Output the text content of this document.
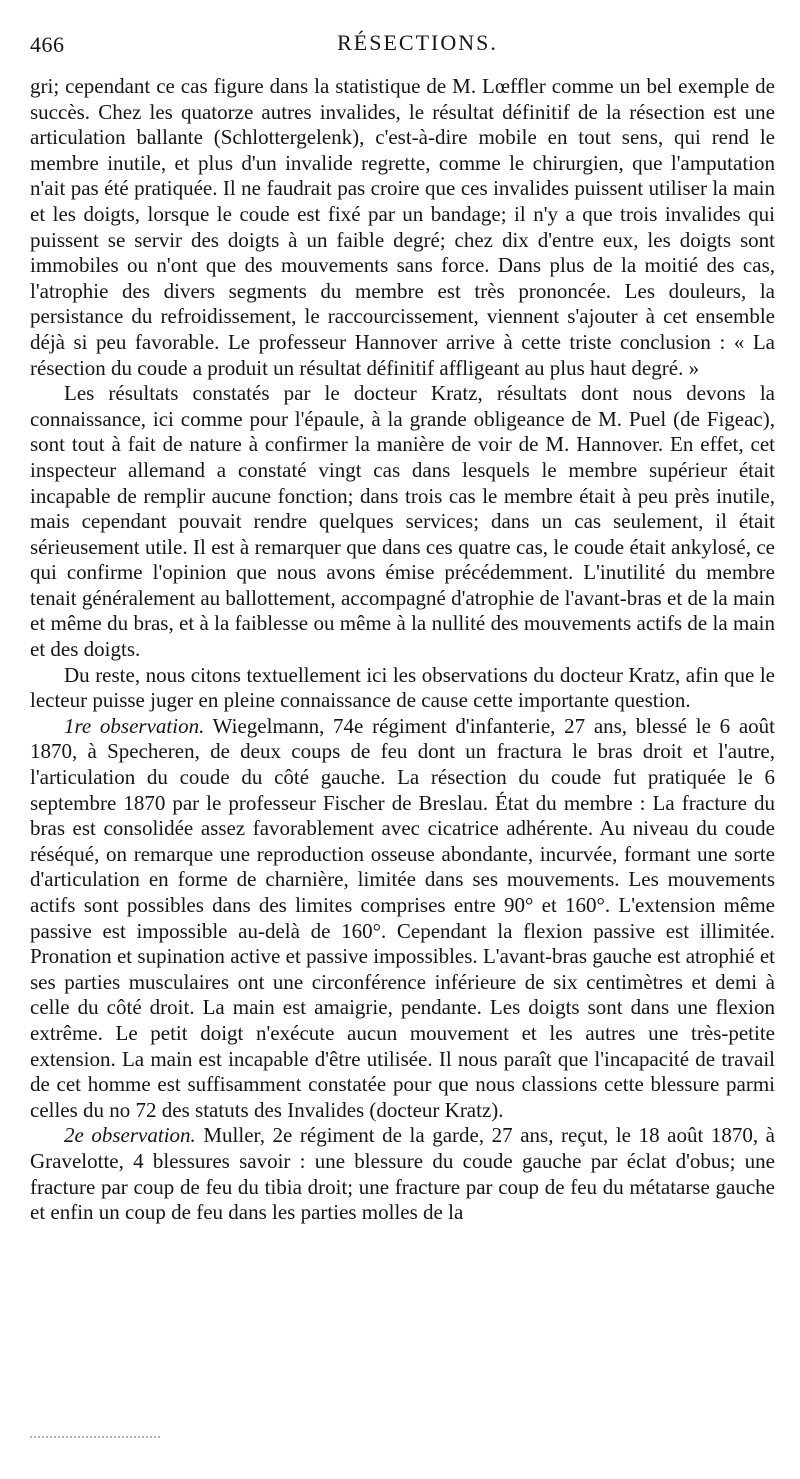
466	RÉSECTIONS.

gri; cependant ce cas figure dans la statistique de M. Lœffler comme un bel exemple de succès. Chez les quatorze autres invalides, le résultat définitif de la résection est une articulation ballante (Schlottergelenk), c'est-à-dire mobile en tout sens, qui rend le membre inutile, et plus d'un invalide regrette, comme le chirurgien, que l'amputation n'ait pas été pratiquée. Il ne faudrait pas croire que ces invalides puissent utiliser la main et les doigts, lorsque le coude est fixé par un bandage; il n'y a que trois invalides qui puissent se servir des doigts à un faible degré; chez dix d'entre eux, les doigts sont immobiles ou n'ont que des mouvements sans force. Dans plus de la moitié des cas, l'atrophie des divers segments du membre est très prononcée. Les douleurs, la persistance du refroidissement, le raccourcissement, viennent s'ajouter à cet ensemble déjà si peu favorable. Le professeur Hannover arrive à cette triste conclusion : « La résection du coude a produit un résultat définitif affligeant au plus haut degré. »

Les résultats constatés par le docteur Kratz, résultats dont nous devons la connaissance, ici comme pour l'épaule, à la grande obligeance de M. Puel (de Figeac), sont tout à fait de nature à confirmer la manière de voir de M. Hannover. En effet, cet inspecteur allemand a constaté vingt cas dans lesquels le membre supérieur était incapable de remplir aucune fonction; dans trois cas le membre était à peu près inutile, mais cependant pouvait rendre quelques services; dans un cas seulement, il était sérieusement utile. Il est à remarquer que dans ces quatre cas, le coude était ankylosé, ce qui confirme l'opinion que nous avons émise précédemment. L'inutilité du membre tenait généralement au ballottement, accompagné d'atrophie de l'avant-bras et de la main et même du bras, et à la faiblesse ou même à la nullité des mouvements actifs de la main et des doigts.

Du reste, nous citons textuellement ici les observations du docteur Kratz, afin que le lecteur puisse juger en pleine connaissance de cause cette importante question.

1re observation. Wiegelmann, 74e régiment d'infanterie, 27 ans, blessé le 6 août 1870, à Specheren, de deux coups de feu dont un fractura le bras droit et l'autre, l'articulation du coude du côté gauche. La résection du coude fut pratiquée le 6 septembre 1870 par le professeur Fischer de Breslau. État du membre : La fracture du bras est consolidée assez favorablement avec cicatrice adhérente. Au niveau du coude réséqué, on remarque une reproduction osseuse abondante, incurvée, formant une sorte d'articulation en forme de charnière, limitée dans ses mouvements. Les mouvements actifs sont possibles dans des limites comprises entre 90° et 160°. L'extension même passive est impossible au-delà de 160°. Cependant la flexion passive est illimitée. Pronation et supination active et passive impossibles. L'avant-bras gauche est atrophié et ses parties musculaires ont une circonférence inférieure de six centimètres et demi à celle du côté droit. La main est amaigrie, pendante. Les doigts sont dans une flexion extrême. Le petit doigt n'exécute aucun mouvement et les autres une très-petite extension. La main est incapable d'être utilisée. Il nous paraît que l'incapacité de travail de cet homme est suffisamment constatée pour que nous classions cette blessure parmi celles du no 72 des statuts des Invalides (docteur Kratz).

2e observation. Muller, 2e régiment de la garde, 27 ans, reçut, le 18 août 1870, à Gravelotte, 4 blessures savoir : une blessure du coude gauche par éclat d'obus; une fracture par coup de feu du tibia droit; une fracture par coup de feu du métatarse gauche et enfin un coup de feu dans les parties molles de la
